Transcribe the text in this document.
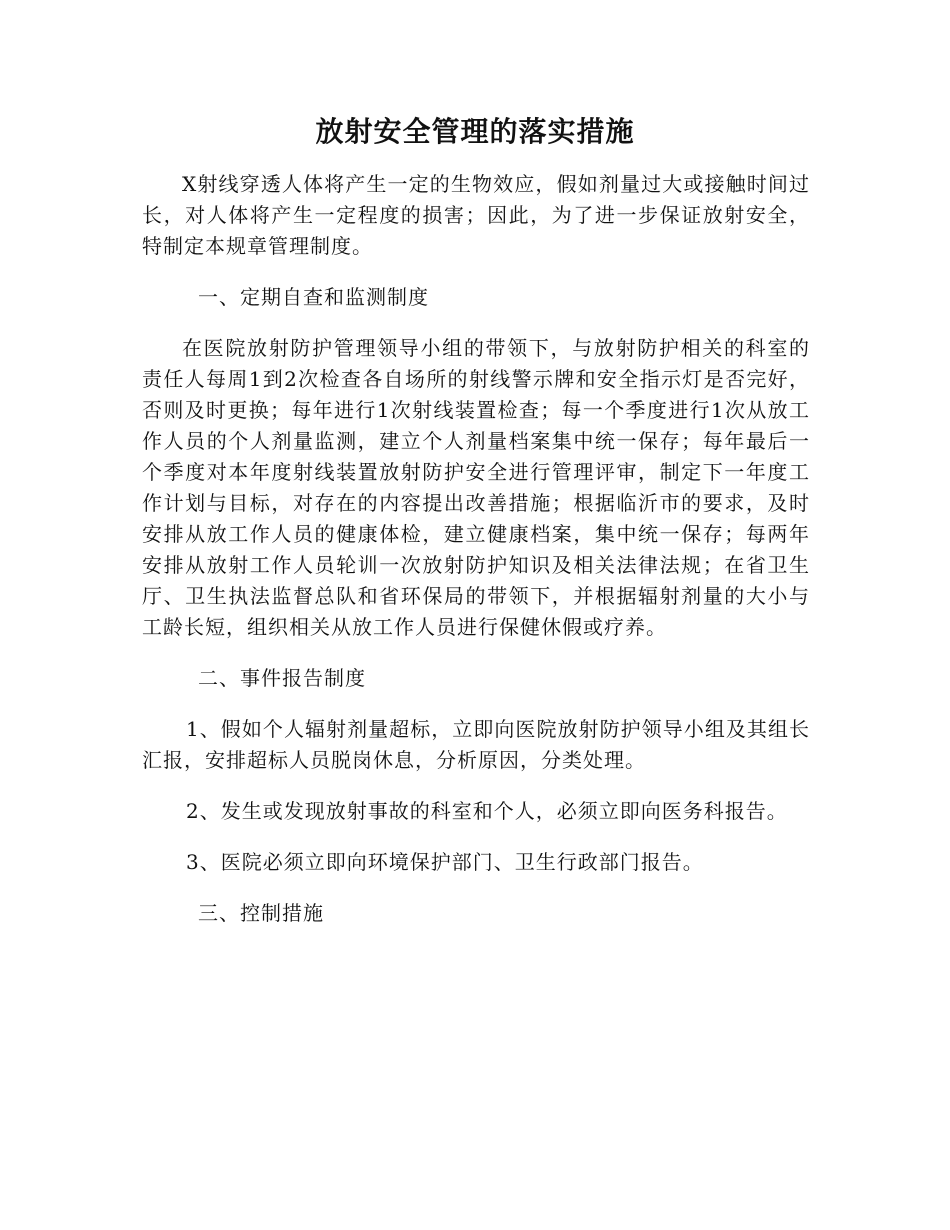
放射安全管理的落实措施

X射线穿透人体将产生一定的生物效应，假如剂量过大或接触时间过长，对人体将产生一定程度的损害；因此，为了进一步保证放射安全，特制定本规章管理制度。

一、定期自查和监测制度

在医院放射防护管理领导小组的带领下，与放射防护相关的科室的责任人每周1到2次检查各自场所的射线警示牌和安全指示灯是否完好，否则及时更换；每年进行1次射线装置检查；每一个季度进行1次从放工作人员的个人剂量监测，建立个人剂量档案集中统一保存；每年最后一个季度对本年度射线装置放射防护安全进行管理评审，制定下一年度工作计划与目标，对存在的内容提出改善措施；根据临沂市的要求，及时安排从放工作人员的健康体检，建立健康档案，集中统一保存；每两年安排从放射工作人员轮训一次放射防护知识及相关法律法规；在省卫生厅、卫生执法监督总队和省环保局的带领下，并根据辐射剂量的大小与工龄长短，组织相关从放工作人员进行保健休假或疗养。

二、事件报告制度

1、假如个人辐射剂量超标，立即向医院放射防护领导小组及其组长汇报，安排超标人员脱岗休息，分析原因，分类处理。

2、发生或发现放射事故的科室和个人，必须立即向医务科报告。

3、医院必须立即向环境保护部门、卫生行政部门报告。

三、控制措施
